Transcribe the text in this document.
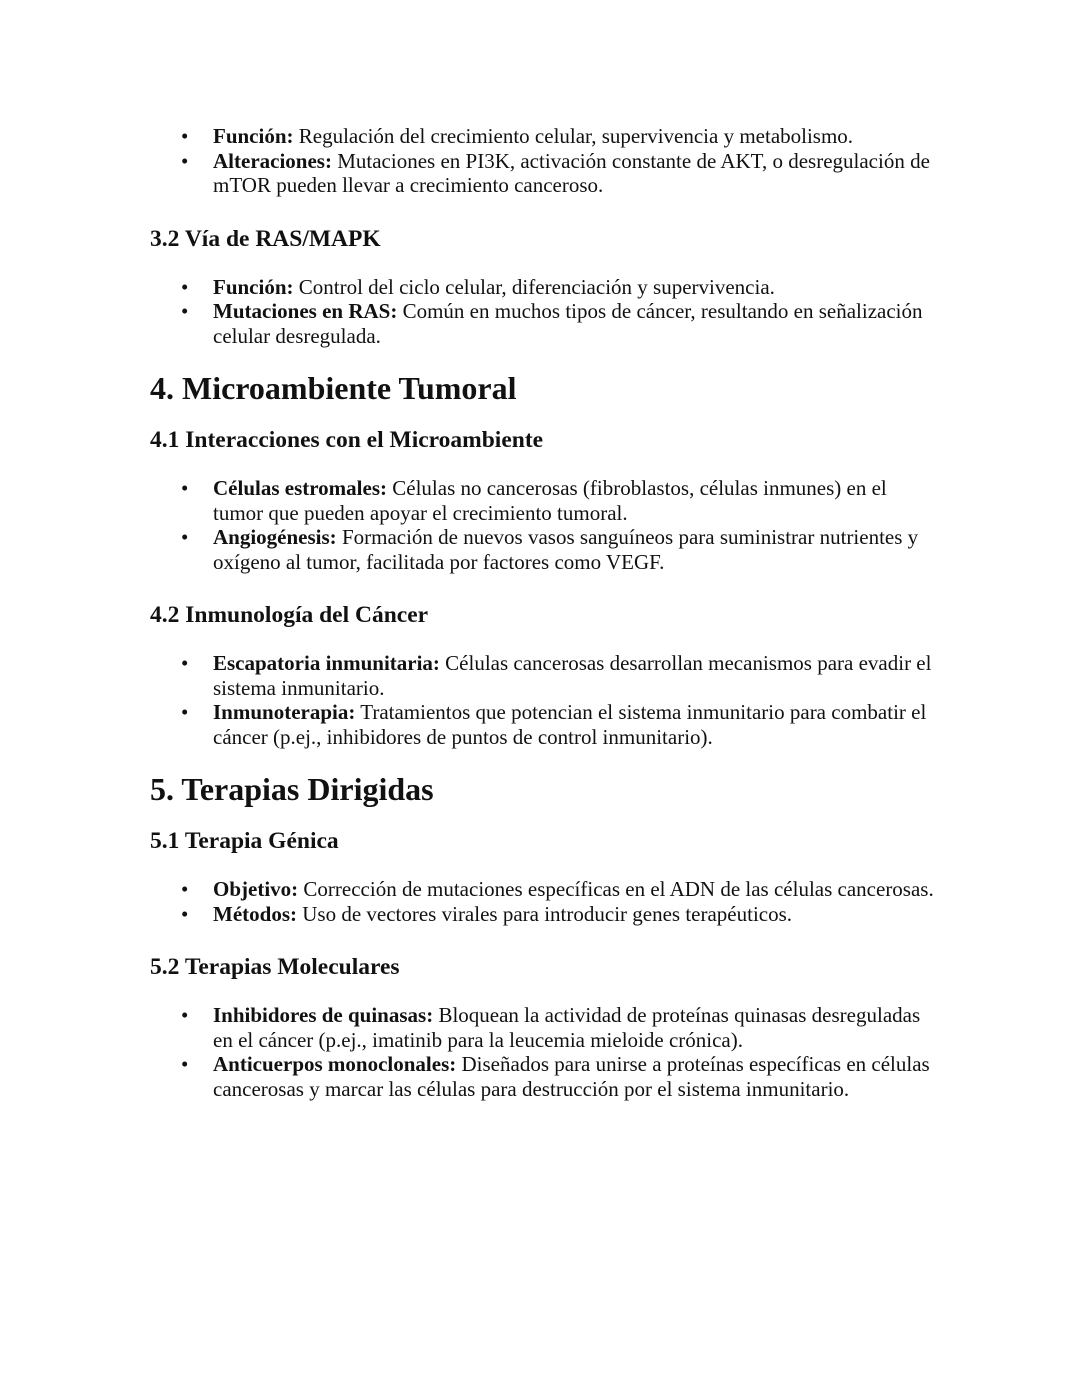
• Función: Regulación del crecimiento celular, supervivencia y metabolismo.
• Alteraciones: Mutaciones en PI3K, activación constante de AKT, o desregulación de mTOR pueden llevar a crecimiento canceroso.
3.2 Vía de RAS/MAPK
• Función: Control del ciclo celular, diferenciación y supervivencia.
• Mutaciones en RAS: Común en muchos tipos de cáncer, resultando en señalización celular desregulada.
4. Microambiente Tumoral
4.1 Interacciones con el Microambiente
• Células estromales: Células no cancerosas (fibroblastos, células inmunes) en el tumor que pueden apoyar el crecimiento tumoral.
• Angiogénesis: Formación de nuevos vasos sanguíneos para suministrar nutrientes y oxígeno al tumor, facilitada por factores como VEGF.
4.2 Inmunología del Cáncer
• Escapatoria inmunitaria: Células cancerosas desarrollan mecanismos para evadir el sistema inmunitario.
• Inmunoterapia: Tratamientos que potencian el sistema inmunitario para combatir el cáncer (p.ej., inhibidores de puntos de control inmunitario).
5. Terapias Dirigidas
5.1 Terapia Génica
• Objetivo: Corrección de mutaciones específicas en el ADN de las células cancerosas.
• Métodos: Uso de vectores virales para introducir genes terapéuticos.
5.2 Terapias Moleculares
• Inhibidores de quinasas: Bloquean la actividad de proteínas quinasas desreguladas en el cáncer (p.ej., imatinib para la leucemia mieloide crónica).
• Anticuerpos monoclonales: Diseñados para unirse a proteínas específicas en células cancerosas y marcar las células para destrucción por el sistema inmunitario.
